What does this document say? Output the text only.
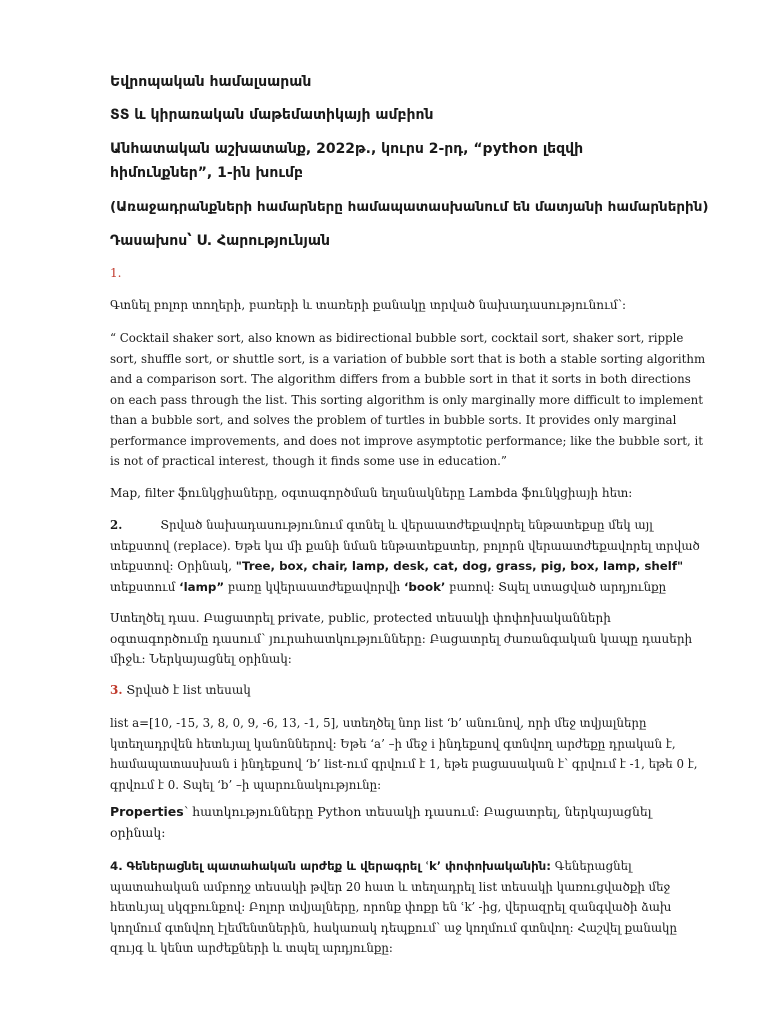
Եվրոպական համալսարան

ՏՏ և կիրառական մաթեմատիկայի ամբիոն

Անհատական աշխատանք, 2022թ., կուրս 2-րդ, “python լեզվի հիմունքներ”, 1-ին խումբ

(Առաջադրանքների համարները համապատասխանում են մատյանի համարներին)

Դասախոս՝ Ս. Հարությունյան

1.

Գտնել բոլոր տողերի, բառերի և տառերի քանակը տրված նախադասությունում՝:

“ Cocktail shaker sort, also known as bidirectional bubble sort, cocktail sort, shaker sort, ripple sort, shuffle sort, or shuttle sort, is a variation of bubble sort that is both a stable sorting algorithm and a comparison sort. The algorithm differs from a bubble sort in that it sorts in both directions on each pass through the list. This sorting algorithm is only marginally more difficult to implement than a bubble sort, and solves the problem of turtles in bubble sorts. It provides only marginal performance improvements, and does not improve asymptotic performance; like the bubble sort, it is not of practical interest, though it finds some use in education.”

Map, filter ֆունկցիաները, օգտագործման եղանակները Lambda ֆունկցիայի հետ:

2.	Տրված նախադասությունում գտնել և վերաատժեքավորել ենթատեքսը մեկ այլ տեքստով (replace). Եթե կա մի քանի նման ենթատեքստեր, բոլորն վերաատժեքավորել տրված տեքստով: Օրինակ, "Tree, box, chair, lamp, desk, cat, dog, grass, pig, box, lamp, shelf" տեքստում ‘lamp” բառը կվերաատժեքավորվի ‘book’ բառով: Տպել ստացված արդյունքը

Ստեղծել դաս. Բացատրել private, public, protected տեսակի փոփոխականների օգտագործումը դասում՝ յուրահատկությունները: Բացատրել ժառանգական կապը դասերի միջև: Ներկայացնել օրինակ:

3. Տրված է list տեսակ

list a=[10, -15, 3, 8, 0, 9, -6, 13, -1, 5], ստեղծել նոր list ‘b’ անունով, որի մեջ տվյալները կտեղադրվեն հետևյալ կանոններով: Եթե ‘a’ –ի մեջ i ինդեքսով գտնվող արժեքը դրական է, համապատասխան i ինդեքսով ‘b’ list-ում գրվում է 1, եթե բացասական է՝ գրվում է -1, եթե 0 է, գրվում է 0. Տպել ‘b’ –ի պարունակությունը:

Properties՝ հատկությունները Python տեսակի դասում: Բացատրել, ներկայացնել օրինակ:

4. Գեներացնել պատահական արժեք և վերագրել ՙk՚ փոփոխականին: Գեներացնել պատահական ամբողջ տեսակի թվեր 20 հատ և տեղադրել list տեսակի կառուցվածքի մեջ հետևյալ սկզբունքով: Բոլոր տվյալները, որոնք փոքր են ՙk՚ -ից, վերազրել զանգվածի ձախ կողմում գտնվող էլեմենտներին, հակառակ դեպքում՝ աջ կողմում գտնվող: Հաշվել քանակը զույգ և կենտ արժեքների և տպել արդյունքը:
